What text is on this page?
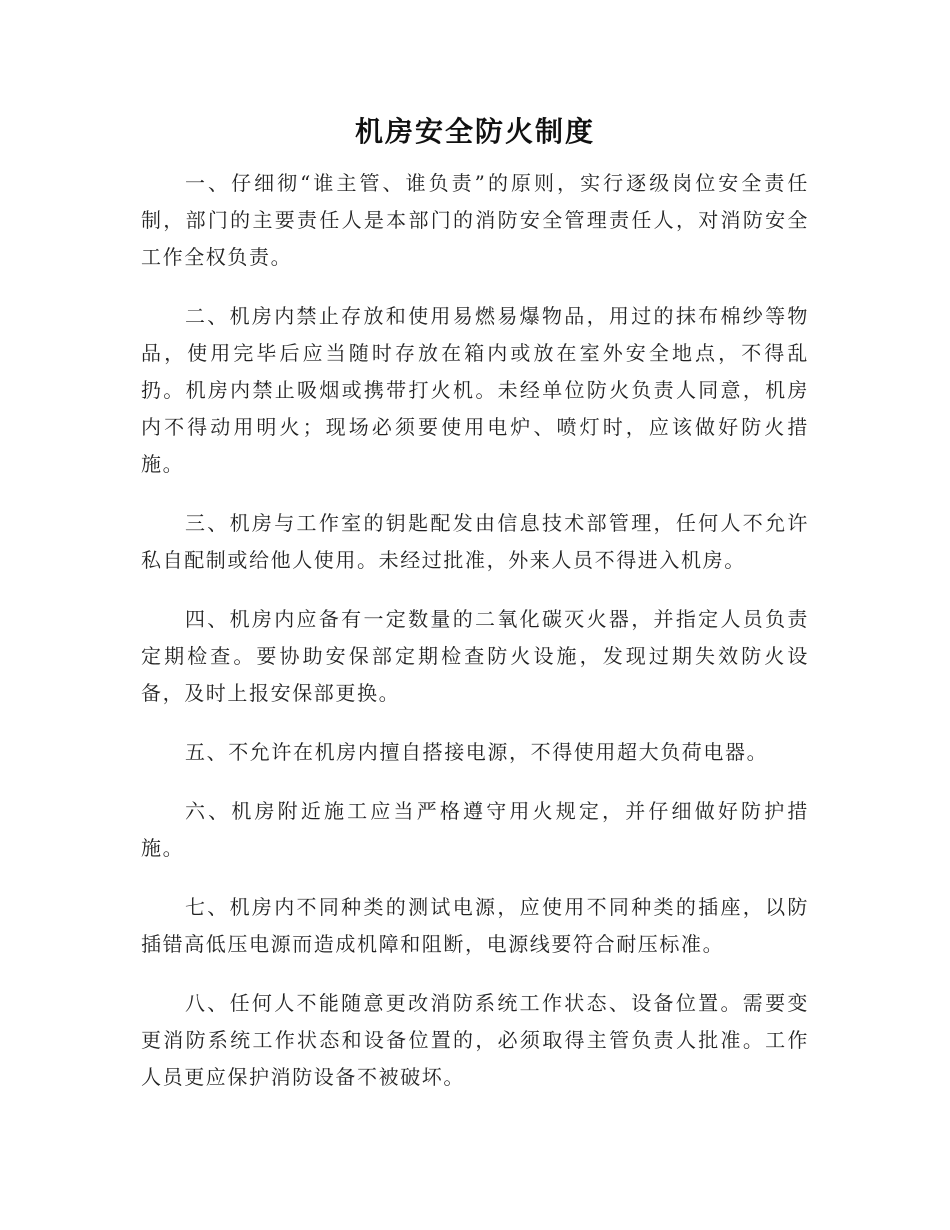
机房安全防火制度

一、仔细彻“谁主管、谁负责”的原则，实行逐级岗位安全责任制，部门的主要责任人是本部门的消防安全管理责任人，对消防安全工作全权负责。

二、机房内禁止存放和使用易燃易爆物品，用过的抹布棉纱等物品，使用完毕后应当随时存放在箱内或放在室外安全地点，不得乱扔。机房内禁止吸烟或携带打火机。未经单位防火负责人同意，机房内不得动用明火；现场必须要使用电炉、喷灯时，应该做好防火措施。

三、机房与工作室的钥匙配发由信息技术部管理，任何人不允许私自配制或给他人使用。未经过批准，外来人员不得进入机房。

四、机房内应备有一定数量的二氧化碳灭火器，并指定人员负责定期检查。要协助安保部定期检查防火设施，发现过期失效防火设备，及时上报安保部更换。

五、不允许在机房内擅自搭接电源，不得使用超大负荷电器。

六、机房附近施工应当严格遵守用火规定，并仔细做好防护措施。

七、机房内不同种类的测试电源，应使用不同种类的插座，以防插错高低压电源而造成机障和阻断，电源线要符合耐压标准。

八、任何人不能随意更改消防系统工作状态、设备位置。需要变更消防系统工作状态和设备位置的，必须取得主管负责人批准。工作人员更应保护消防设备不被破坏。
